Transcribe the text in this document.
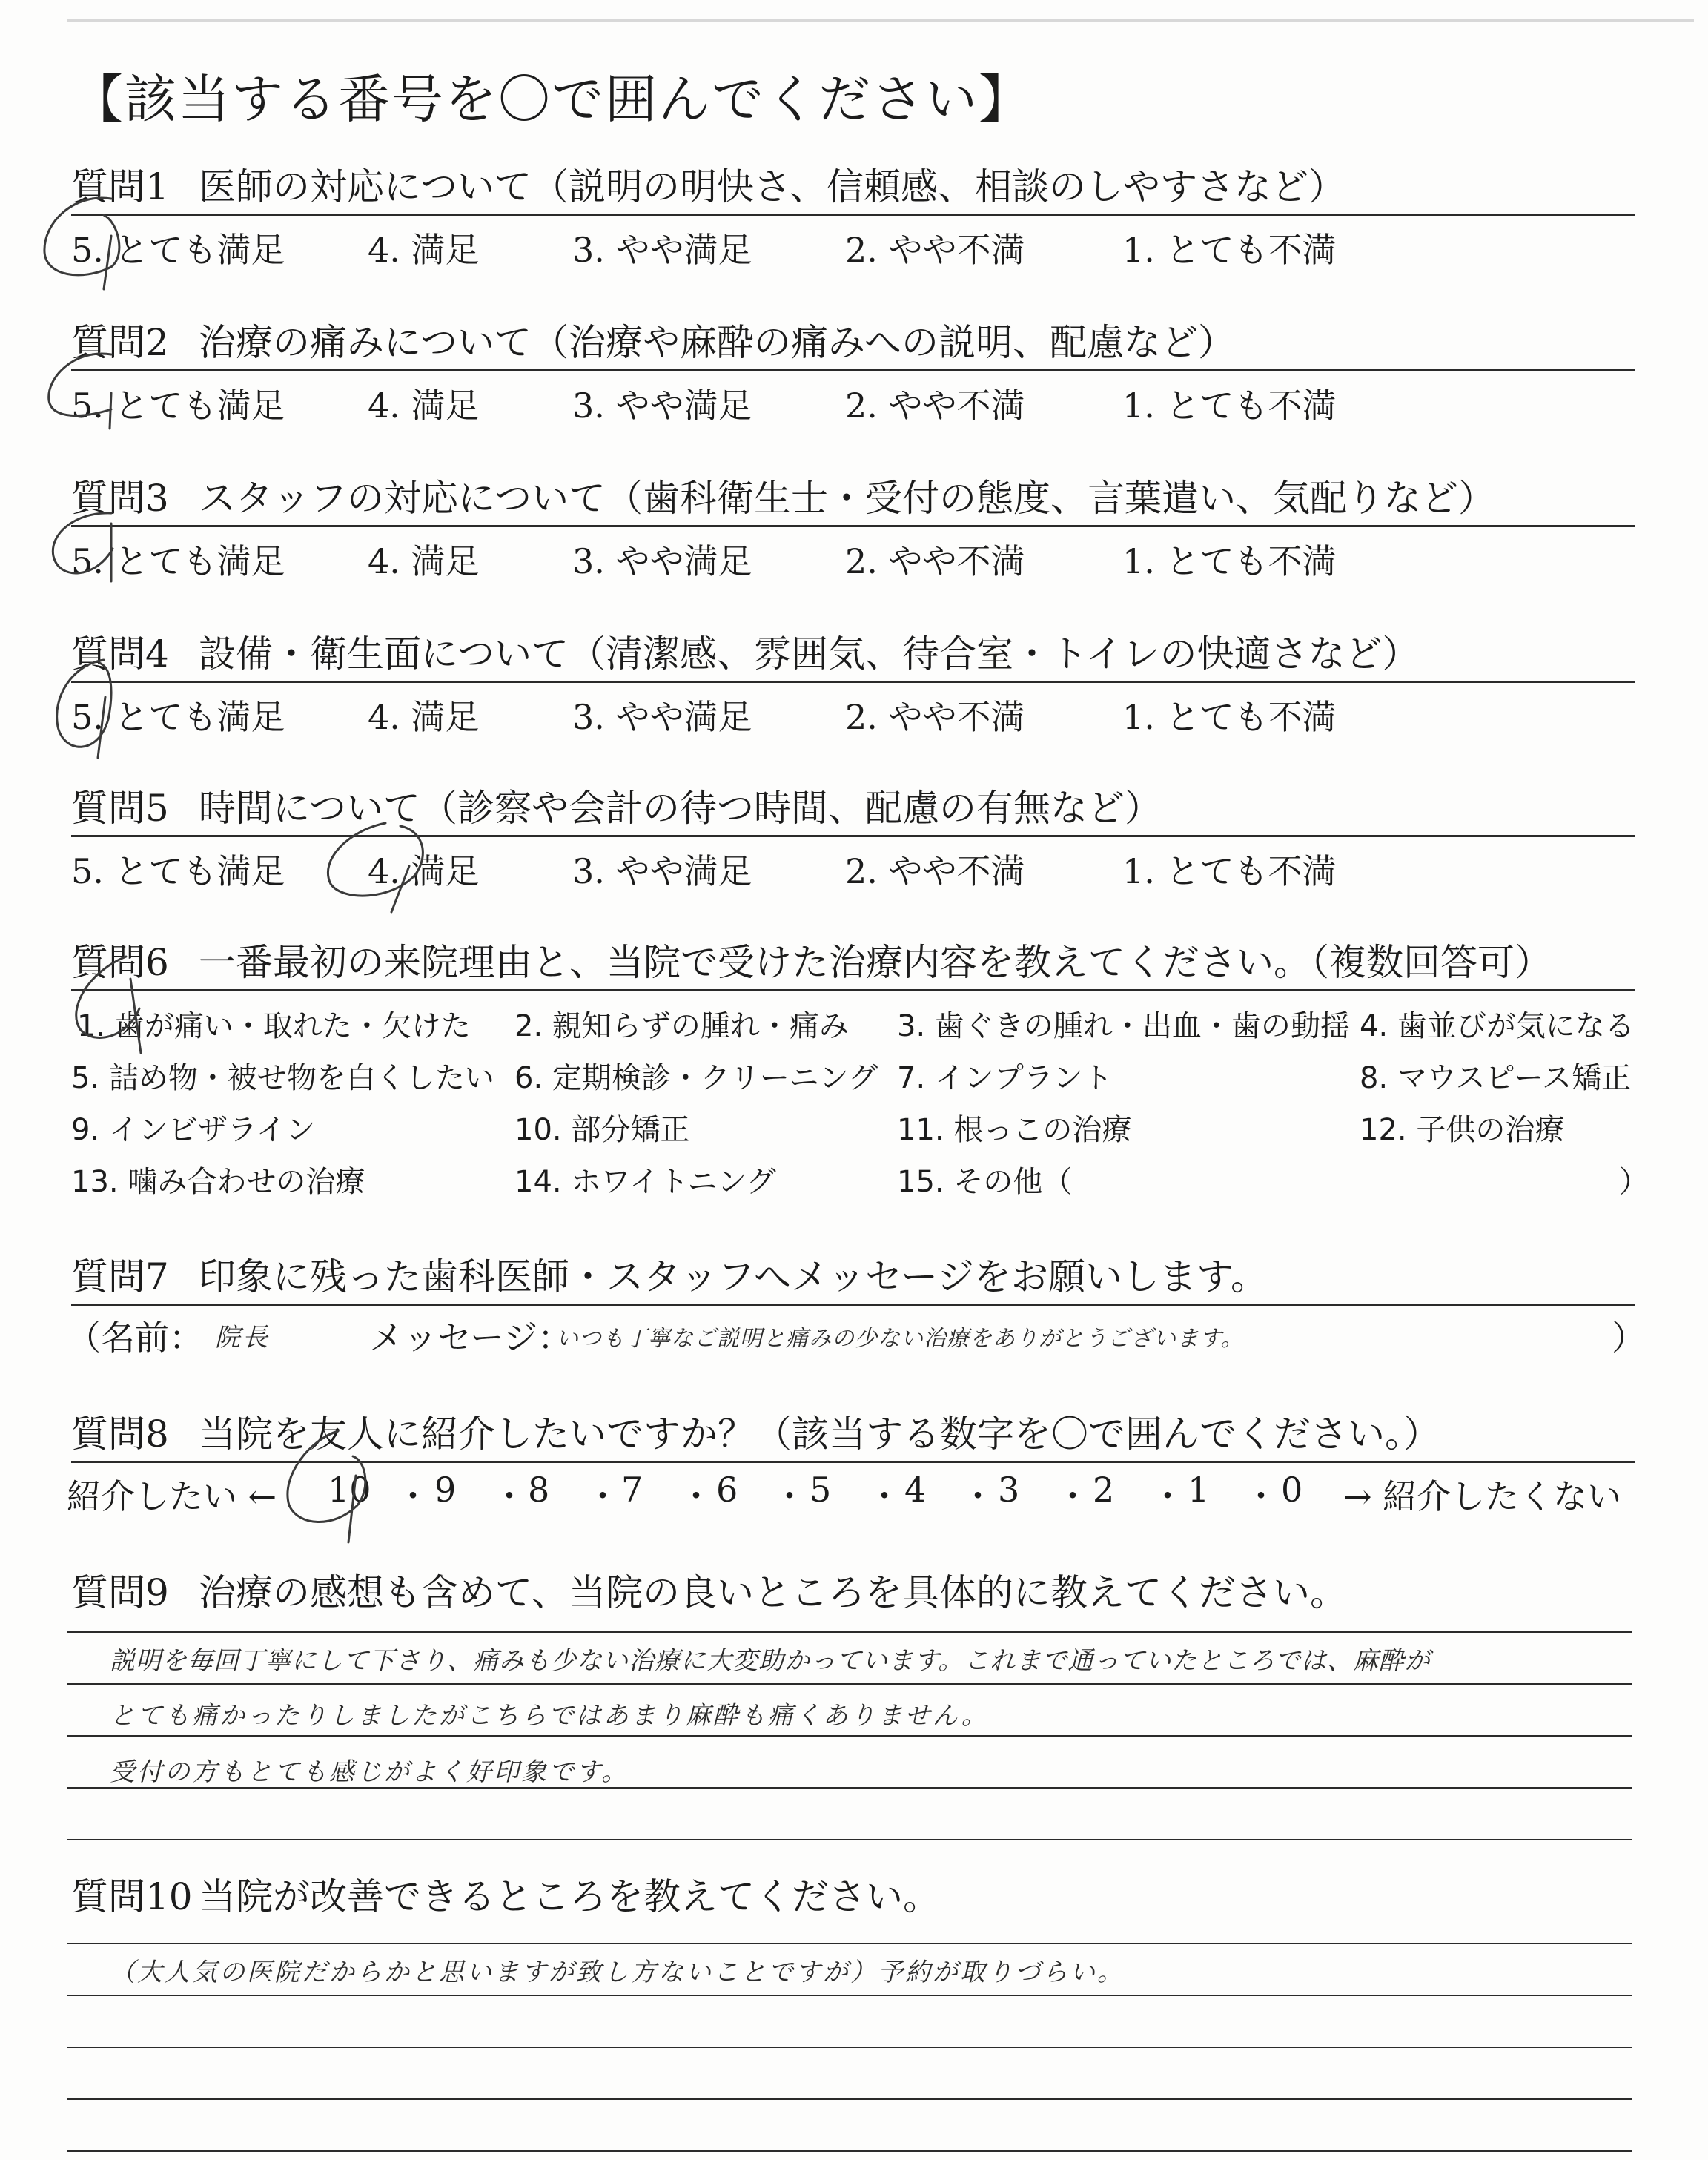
【該当する番号を〇で囲んでください】
質問1 医師の対応について（説明の明快さ、信頼感、相談のしやすさなど）
5. とても満足 4. 満足	3. やや満足	2. やや不満	1. とても不満
質問2 治療の痛みについて（治療や麻酔の痛みへの説明、配慮など）
5. とても満足 4. 満足	3. やや満足	2. やや不満	1. とても不満
質問3 スタッフの対応について（歯科衛生士・受付の態度、言葉遣い、気配りなど）
5. とても満足 4. 満足	3. やや満足	2. やや不満	1. とても不満
質問4 設備・衛生面について（清潔感、雰囲気、待合室・トイレの快適さなど）
5. とても満足 4. 満足	3. やや満足	2. やや不満	1. とても不満
質問5 時間について（診察や会計の待つ時間、配慮の有無など）
5. とても満足 4. 満足	3. やや満足	2. やや不満	1. とても不満
質問6 一番最初の来院理由と、当院で受けた治療内容を教えてください。（複数回答可）
1. 歯が痛い・取れた・欠けた 2. 親知らずの腫れ・痛み 3. 歯ぐきの腫れ・出血・歯の動揺 4. 歯並びが気になる
5. 詰め物・被せ物を白くしたい 6. 定期検診・クリーニング 7. インプラント	8. マウスピース矯正
9. インビザライン	10. 部分矯正	11. 根っこの治療	12. 子供の治療
13. 噛み合わせの治療	14. ホワイトニング	15. その他（	）
質問7 印象に残った歯科医師・スタッフへメッセージをお願いします。
（名前： 院長	メッセージ：
いつも丁寧なご説明と痛みの少ない治療をありがとうございます。	）
質問8 当院を友人に紹介したいですか？（該当する数字を〇で囲んでください。）
紹介したい ← 10 ・ 9 ・ 8 ・ 7 ・ 6 ・ 5 ・ 4 ・ 3 ・ 2 ・ 1 ・ 0 → 紹介したくない
質問9 治療の感想も含めて、当院の良いところを具体的に教えてください。
説明を毎回丁寧にして下さり、痛みも少ない治療に大変助かっています。これまで通っていたところでは、麻酔が
とても痛かったりしましたがこちらではあまり麻酔も痛くありません。
受付の方もとても感じがよく好印象です。
質問10 当院が改善できるところを教えてください。
（大人気の医院だからかと思いますが致し方ないことですが）予約が取りづらい。
